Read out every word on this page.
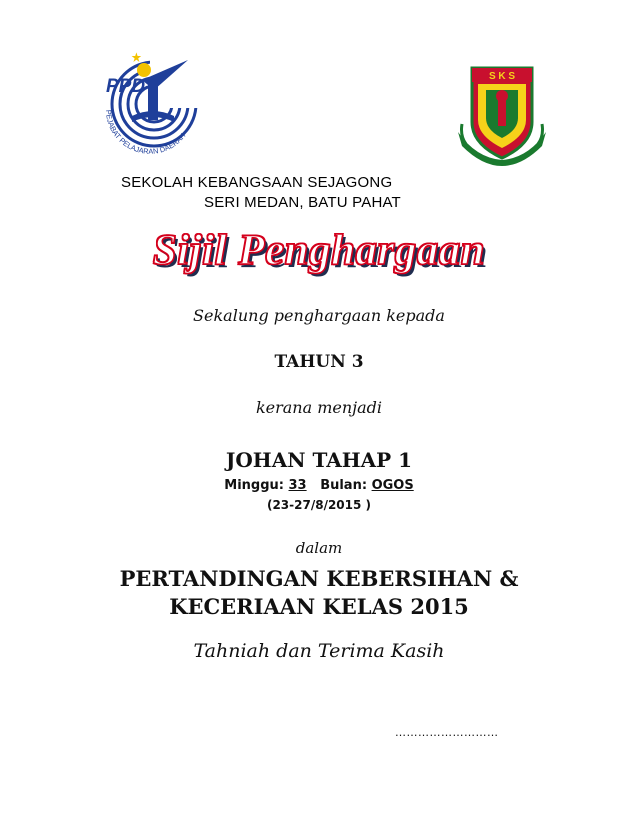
PPD
PEJABAT PELAJARAN DAERAH
S K S
SEKOLAH KEBANGSAAN SEJAGONG
SERI MEDAN, BATU PAHAT
Sijil Penghargaan
Sekalung penghargaan kepada
TAHUN 3
kerana menjadi
JOHAN TAHAP 1
Minggu: 33 Bulan: OGOS
(23-27/8/2015 )
dalam
PERTANDINGAN KEBERSIHAN &
KECERIAAN KELAS 2015
Tahniah dan Terima Kasih
………………………
